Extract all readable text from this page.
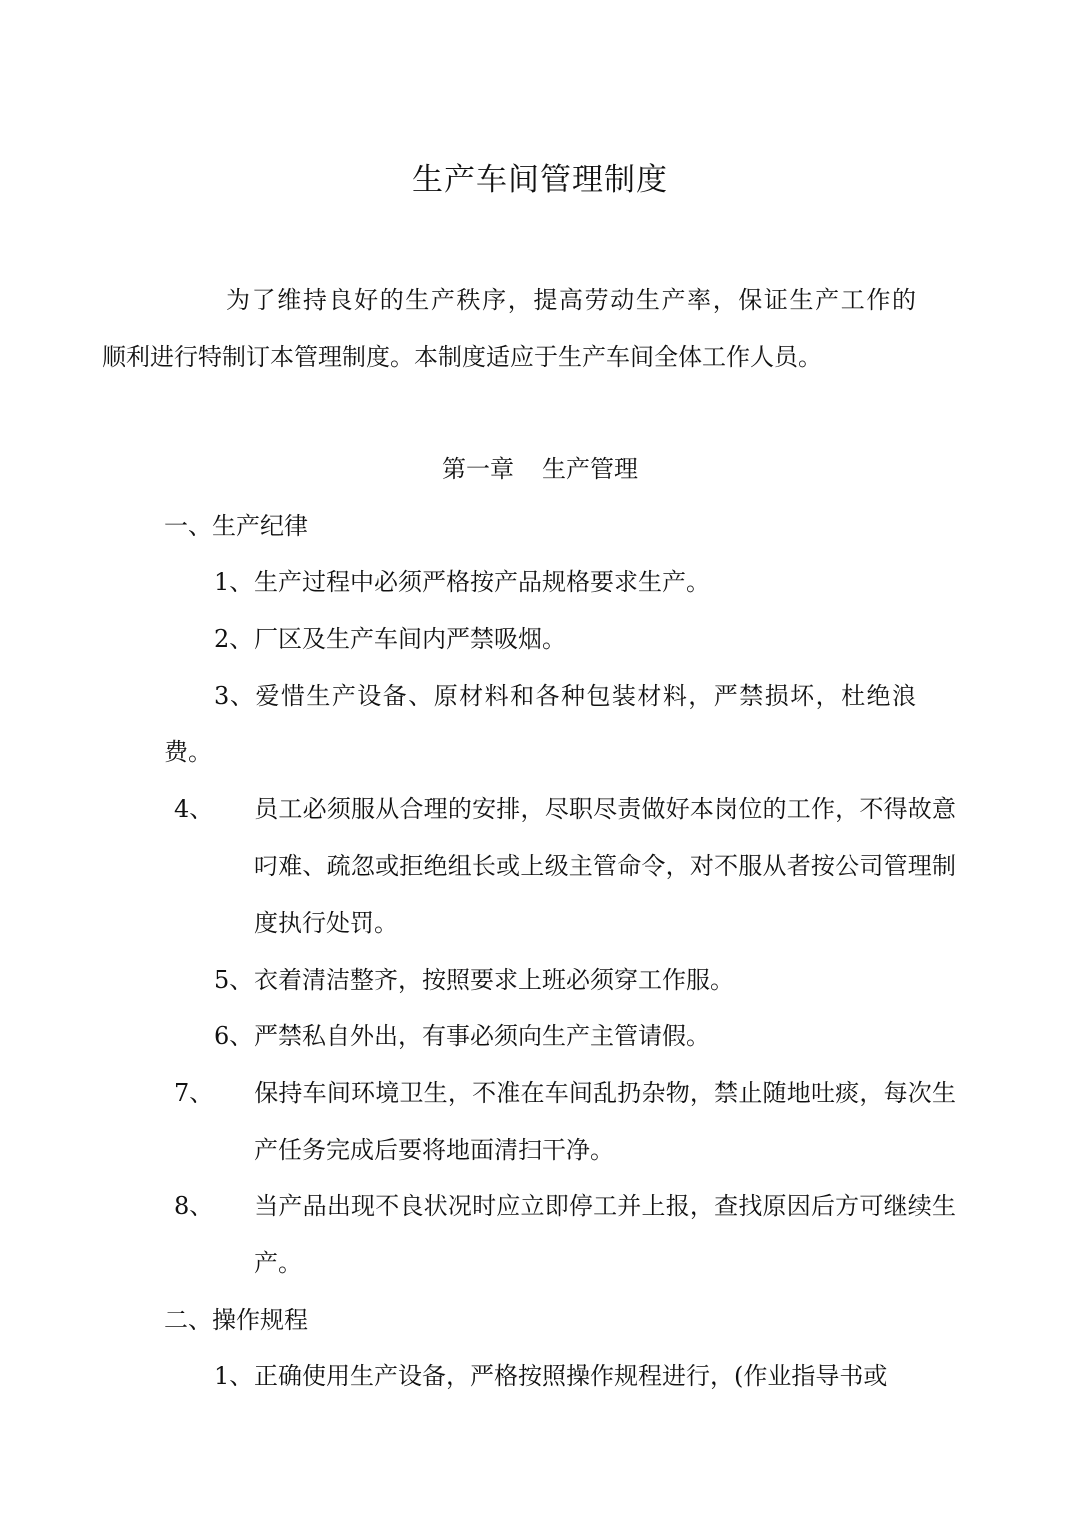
生产车间管理制度
为了维持良好的生产秩序，提高劳动生产率，保证生产工作的
顺利进行特制订本管理制度。本制度适应于生产车间全体工作人员。
第一章 生产管理
一、生产纪律
1、生产过程中必须严格按产品规格要求生产。
2、厂区及生产车间内严禁吸烟。
3、爱惜生产设备、原材料和各种包装材料，严禁损坏，杜绝浪
费。
4、 员工必须服从合理的安排，尽职尽责做好本岗位的工作，不得故意叼难、疏忽或拒绝组长或上级主管命令，对不服从者按公司管理制度执行处罚。
5、衣着清洁整齐，按照要求上班必须穿工作服。
6、严禁私自外出，有事必须向生产主管请假。
7、 保持车间环境卫生，不准在车间乱扔杂物，禁止随地吐痰，每次生产任务完成后要将地面清扫干净。
8、 当产品出现不良状况时应立即停工并上报，查找原因后方可继续生产。
二、操作规程
1、正确使用生产设备，严格按照操作规程进行，(作业指导书或
